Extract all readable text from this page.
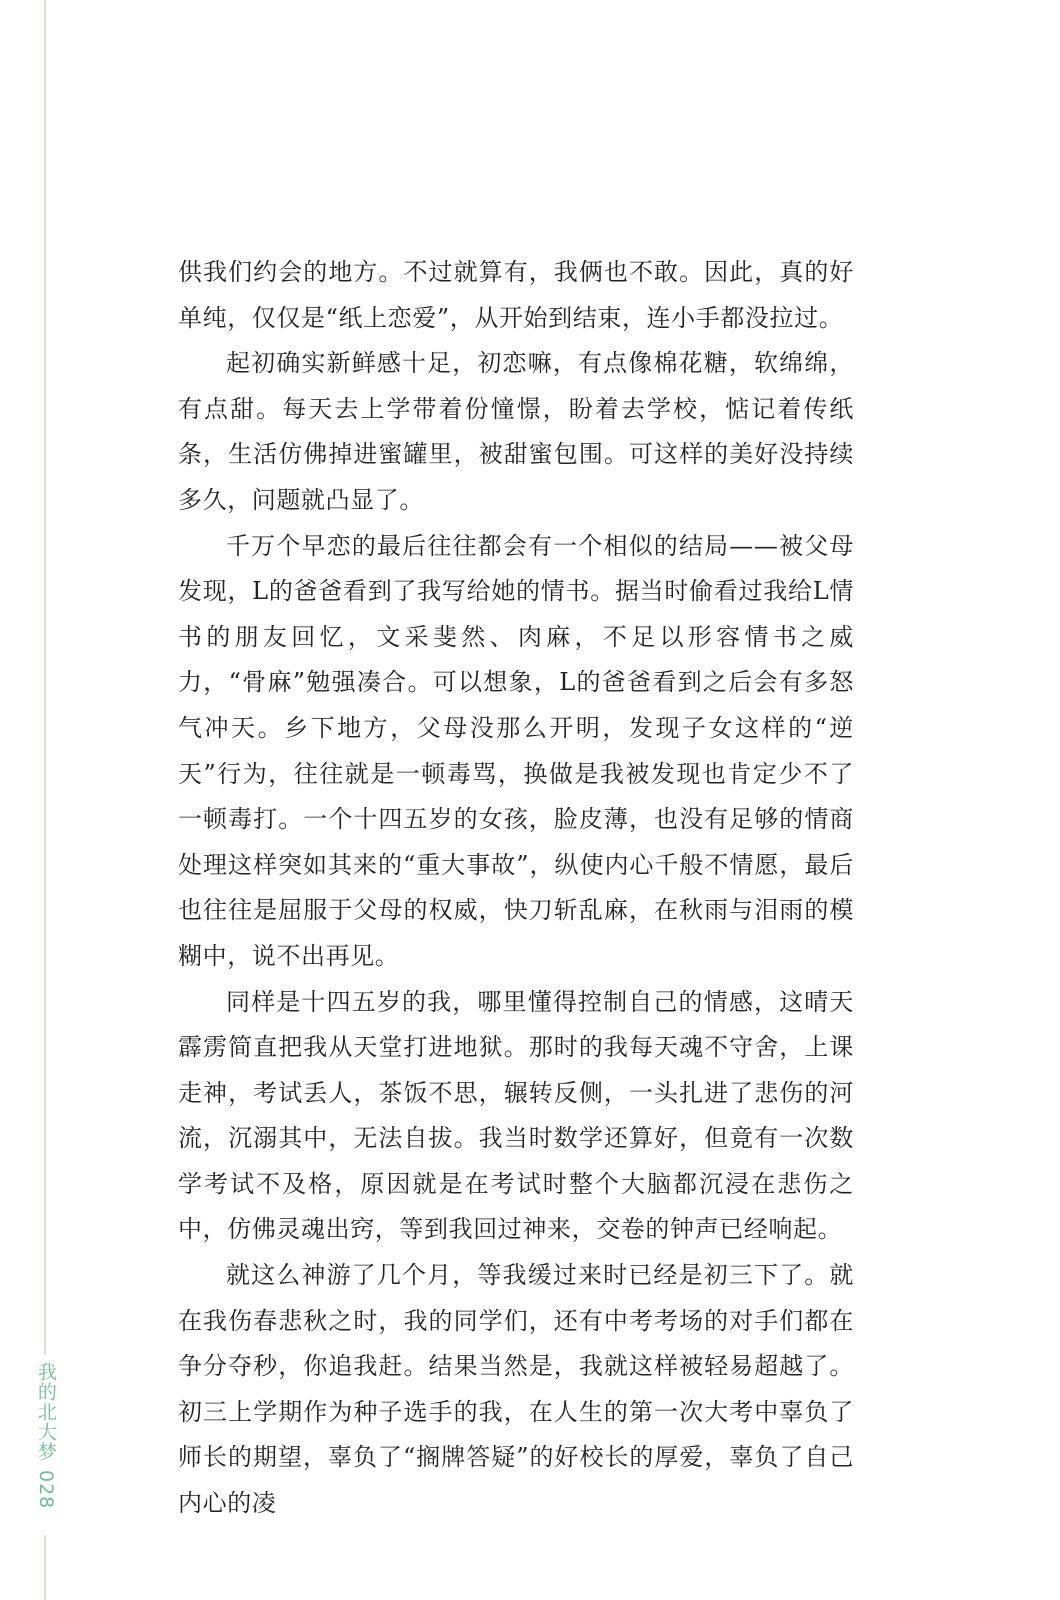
我的北大梦
028

供我们约会的地方。不过就算有，我俩也不敢。因此，真的好单纯，仅仅是“纸上恋爱”，从开始到结束，连小手都没拉过。

起初确实新鲜感十足，初恋嘛，有点像棉花糖，软绵绵，有点甜。每天去上学带着份憧憬，盼着去学校，惦记着传纸条，生活仿佛掉进蜜罐里，被甜蜜包围。可这样的美好没持续多久，问题就凸显了。

千万个早恋的最后往往都会有一个相似的结局——被父母发现，L的爸爸看到了我写给她的情书。据当时偷看过我给L情书的朋友回忆，文采斐然、肉麻，不足以形容情书之威力，“骨麻”勉强凑合。可以想象，L的爸爸看到之后会有多怒气冲天。乡下地方，父母没那么开明，发现子女这样的“逆天”行为，往往就是一顿毒骂，换做是我被发现也肯定少不了一顿毒打。一个十四五岁的女孩，脸皮薄，也没有足够的情商处理这样突如其来的“重大事故”，纵使内心千般不情愿，最后也往往是屈服于父母的权威，快刀斩乱麻，在秋雨与泪雨的模糊中，说不出再见。

同样是十四五岁的我，哪里懂得控制自己的情感，这晴天霹雳简直把我从天堂打进地狱。那时的我每天魂不守舍，上课走神，考试丢人，茶饭不思，辗转反侧，一头扎进了悲伤的河流，沉溺其中，无法自拔。我当时数学还算好，但竟有一次数学考试不及格，原因就是在考试时整个大脑都沉浸在悲伤之中，仿佛灵魂出窍，等到我回过神来，交卷的钟声已经响起。

就这么神游了几个月，等我缓过来时已经是初三下了。就在我伤春悲秋之时，我的同学们，还有中考考场的对手们都在争分夺秒，你追我赶。结果当然是，我就这样被轻易超越了。初三上学期作为种子选手的我，在人生的第一次大考中辜负了师长的期望，辜负了“搁牌答疑”的好校长的厚爱，辜负了自己内心的凌
